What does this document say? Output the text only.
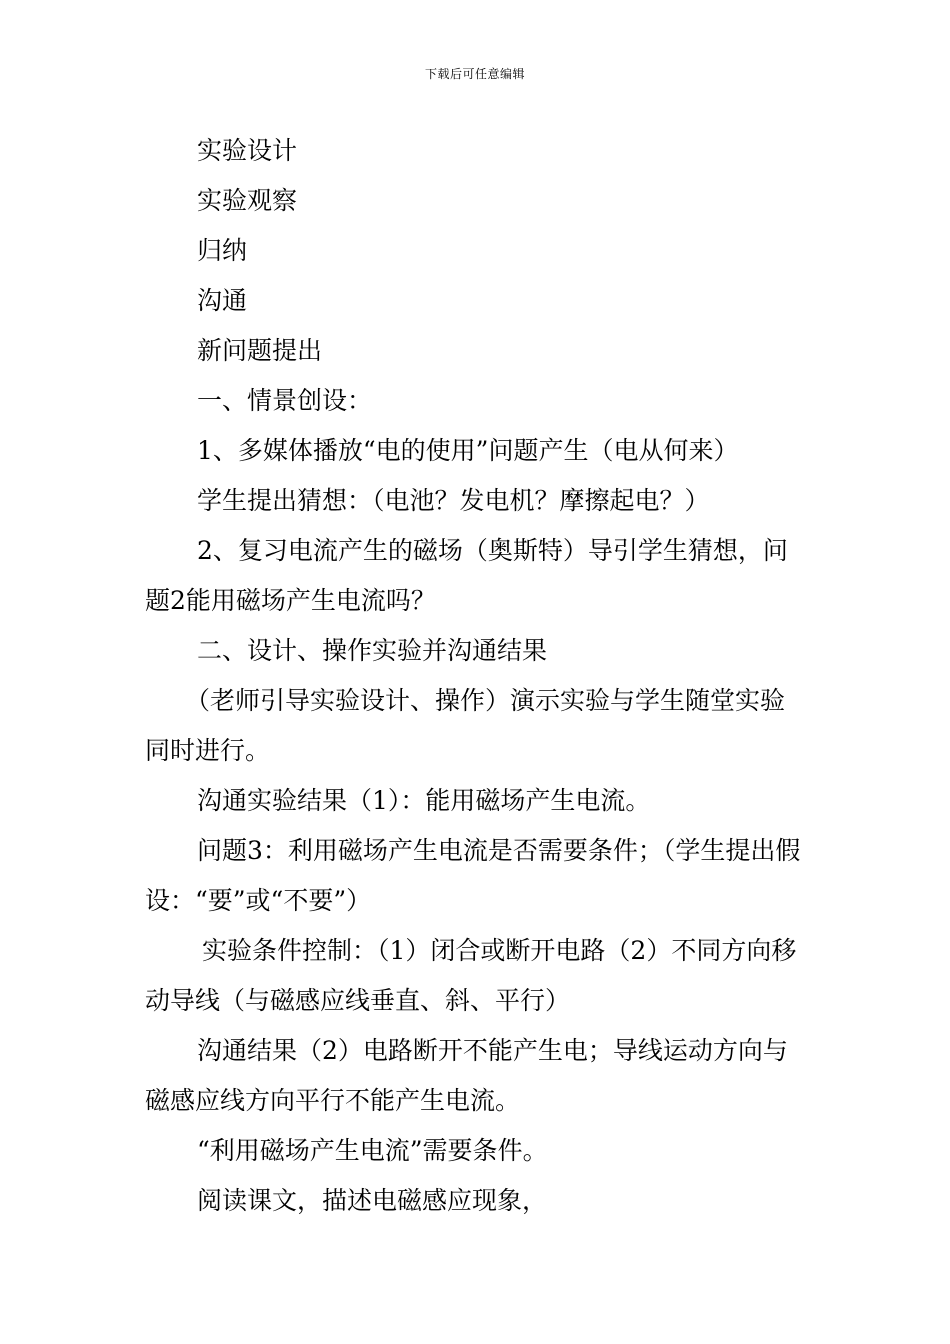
下载后可任意编辑

实验设计

实验观察

归纳

沟通

新问题提出

一、情景创设：

1、多媒体播放“电的使用”问题产生（电从何来）

学生提出猜想：（电池？发电机？摩擦起电？）

2、复习电流产生的磁场（奥斯特）导引学生猜想，问题2能用磁场产生电流吗？

二、设计、操作实验并沟通结果

（老师引导实验设计、操作）演示实验与学生随堂实验同时进行。

沟通实验结果（1）：能用磁场产生电流。

问题3：利用磁场产生电流是否需要条件；（学生提出假设：“要”或“不要”）

实验条件控制：（1）闭合或断开电路（2）不同方向移动导线（与磁感应线垂直、斜、平行）

沟通结果（2）电路断开不能产生电；导线运动方向与磁感应线方向平行不能产生电流。

“利用磁场产生电流”需要条件。

阅读课文，描述电磁感应现象，
